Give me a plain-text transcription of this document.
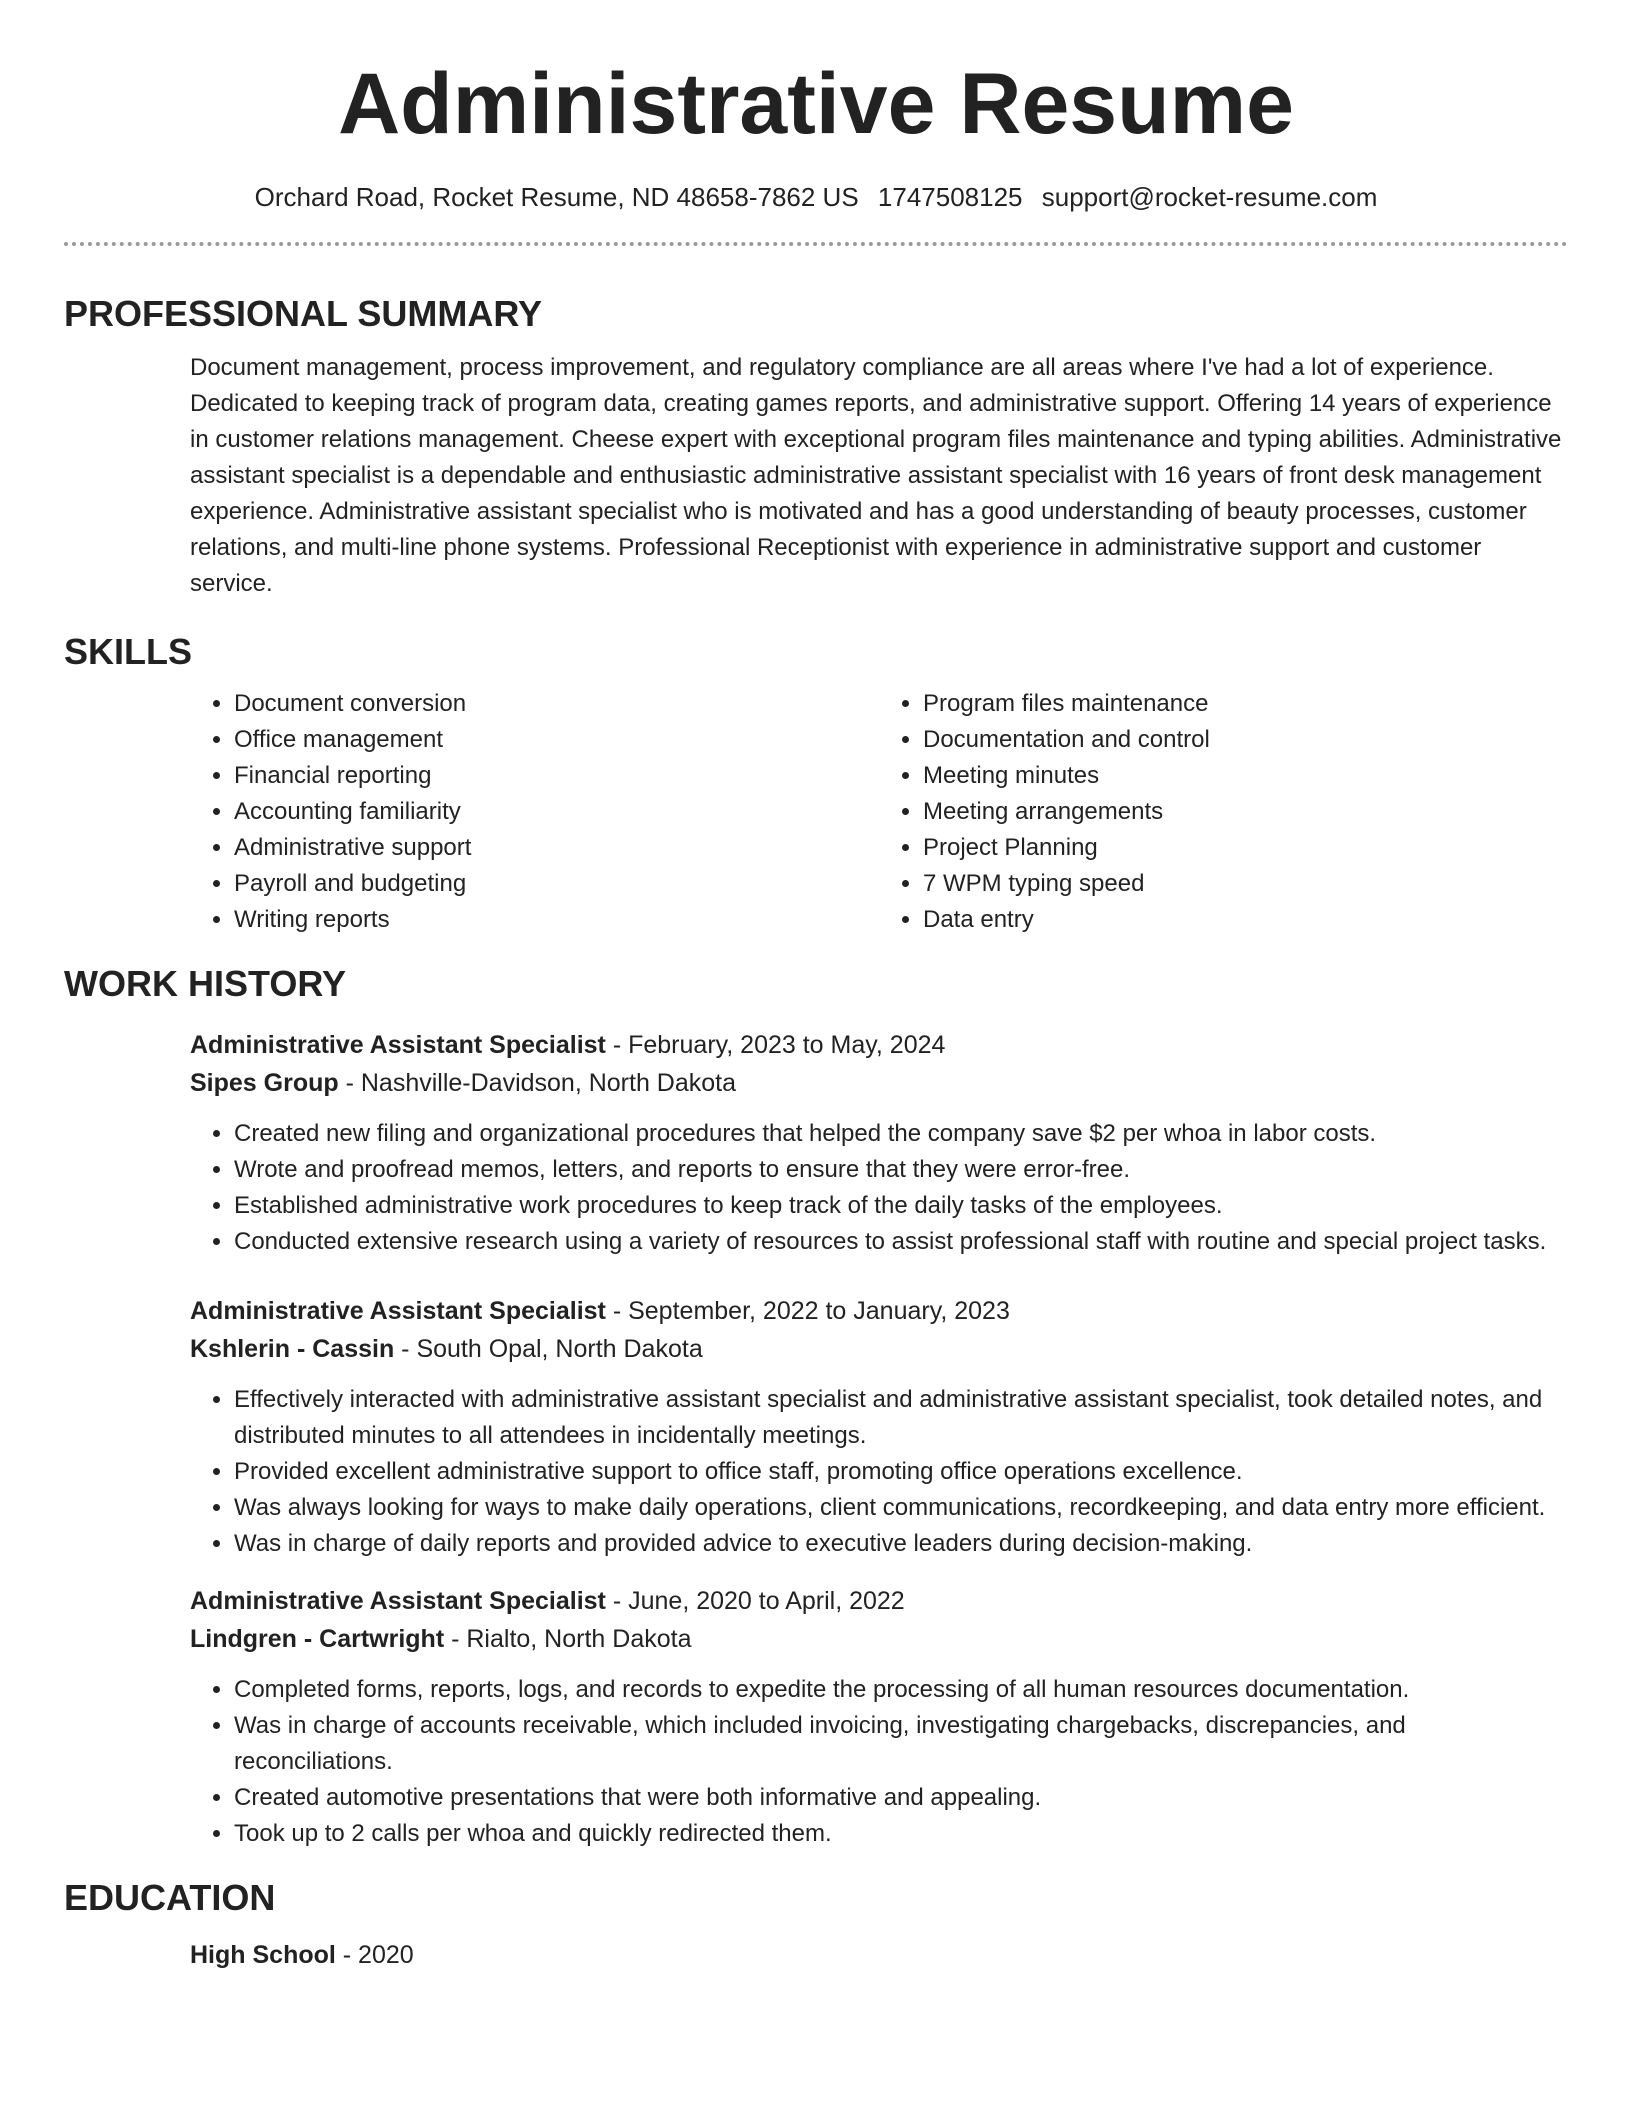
Administrative Resume
Orchard Road, Rocket Resume, ND 48658-7862 US 1747508125 support@rocket-resume.com
PROFESSIONAL SUMMARY

Document management, process improvement, and regulatory compliance are all areas where I've had a lot of experience. Dedicated to keeping track of program data, creating games reports, and administrative support. Offering 14 years of experience in customer relations management. Cheese expert with exceptional program files maintenance and typing abilities. Administrative assistant specialist is a dependable and enthusiastic administrative assistant specialist with 16 years of front desk management experience. Administrative assistant specialist who is motivated and has a good understanding of beauty processes, customer relations, and multi-line phone systems. Professional Receptionist with experience in administrative support and customer service.

SKILLS
• Document conversion
• Office management
• Financial reporting
• Accounting familiarity
• Administrative support
• Payroll and budgeting
• Writing reports
• Program files maintenance
• Documentation and control
• Meeting minutes
• Meeting arrangements
• Project Planning
• 7 WPM typing speed
• Data entry
WORK HISTORY
Administrative Assistant Specialist - February, 2023 to May, 2024
Sipes Group - Nashville-Davidson, North Dakota
• Created new filing and organizational procedures that helped the company save $2 per whoa in labor costs.
• Wrote and proofread memos, letters, and reports to ensure that they were error-free.
• Established administrative work procedures to keep track of the daily tasks of the employees.
• Conducted extensive research using a variety of resources to assist professional staff with routine and special project tasks.
Administrative Assistant Specialist - September, 2022 to January, 2023
Kshlerin - Cassin - South Opal, North Dakota
• Effectively interacted with administrative assistant specialist and administrative assistant specialist, took detailed notes, and distributed minutes to all attendees in incidentally meetings.
• Provided excellent administrative support to office staff, promoting office operations excellence.
• Was always looking for ways to make daily operations, client communications, recordkeeping, and data entry more efficient.
• Was in charge of daily reports and provided advice to executive leaders during decision-making.
Administrative Assistant Specialist - June, 2020 to April, 2022
Lindgren - Cartwright - Rialto, North Dakota
• Completed forms, reports, logs, and records to expedite the processing of all human resources documentation.
• Was in charge of accounts receivable, which included invoicing, investigating chargebacks, discrepancies, and reconciliations.
• Created automotive presentations that were both informative and appealing.
• Took up to 2 calls per whoa and quickly redirected them.
EDUCATION
High School - 2020
